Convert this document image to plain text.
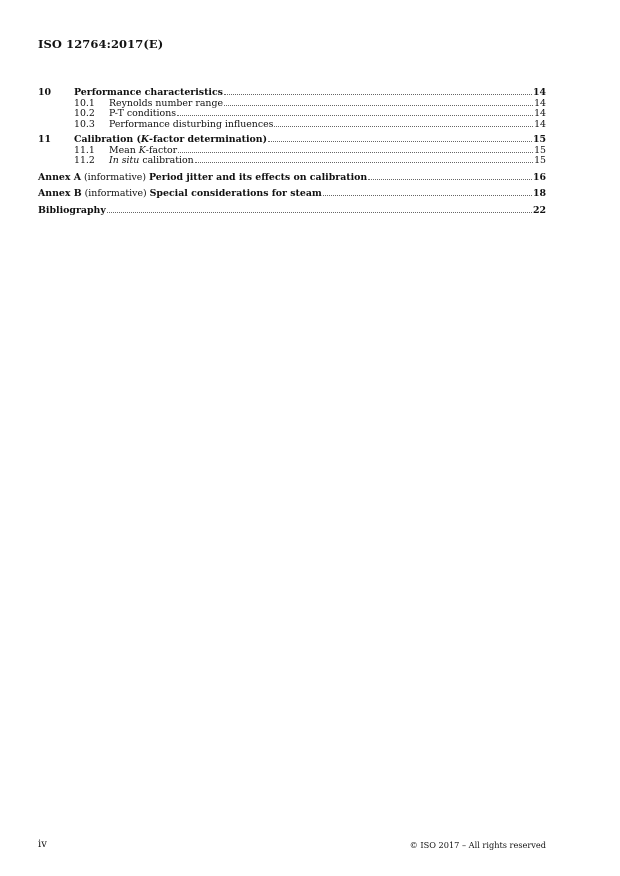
ISO 12764:2017(E)
10	Performance characteristics	14
10.1	Reynolds number range	14
10.2	P-T conditions	14
10.3	Performance disturbing influences	14
11	Calibration (K-factor determination)	15
11.1	Mean K-factor	15
11.2	In situ calibration	15
Annex A (informative) Period jitter and its effects on calibration	16
Annex B (informative) Special considerations for steam	18
Bibliography	22
iv	© ISO 2017 – All rights reserved
